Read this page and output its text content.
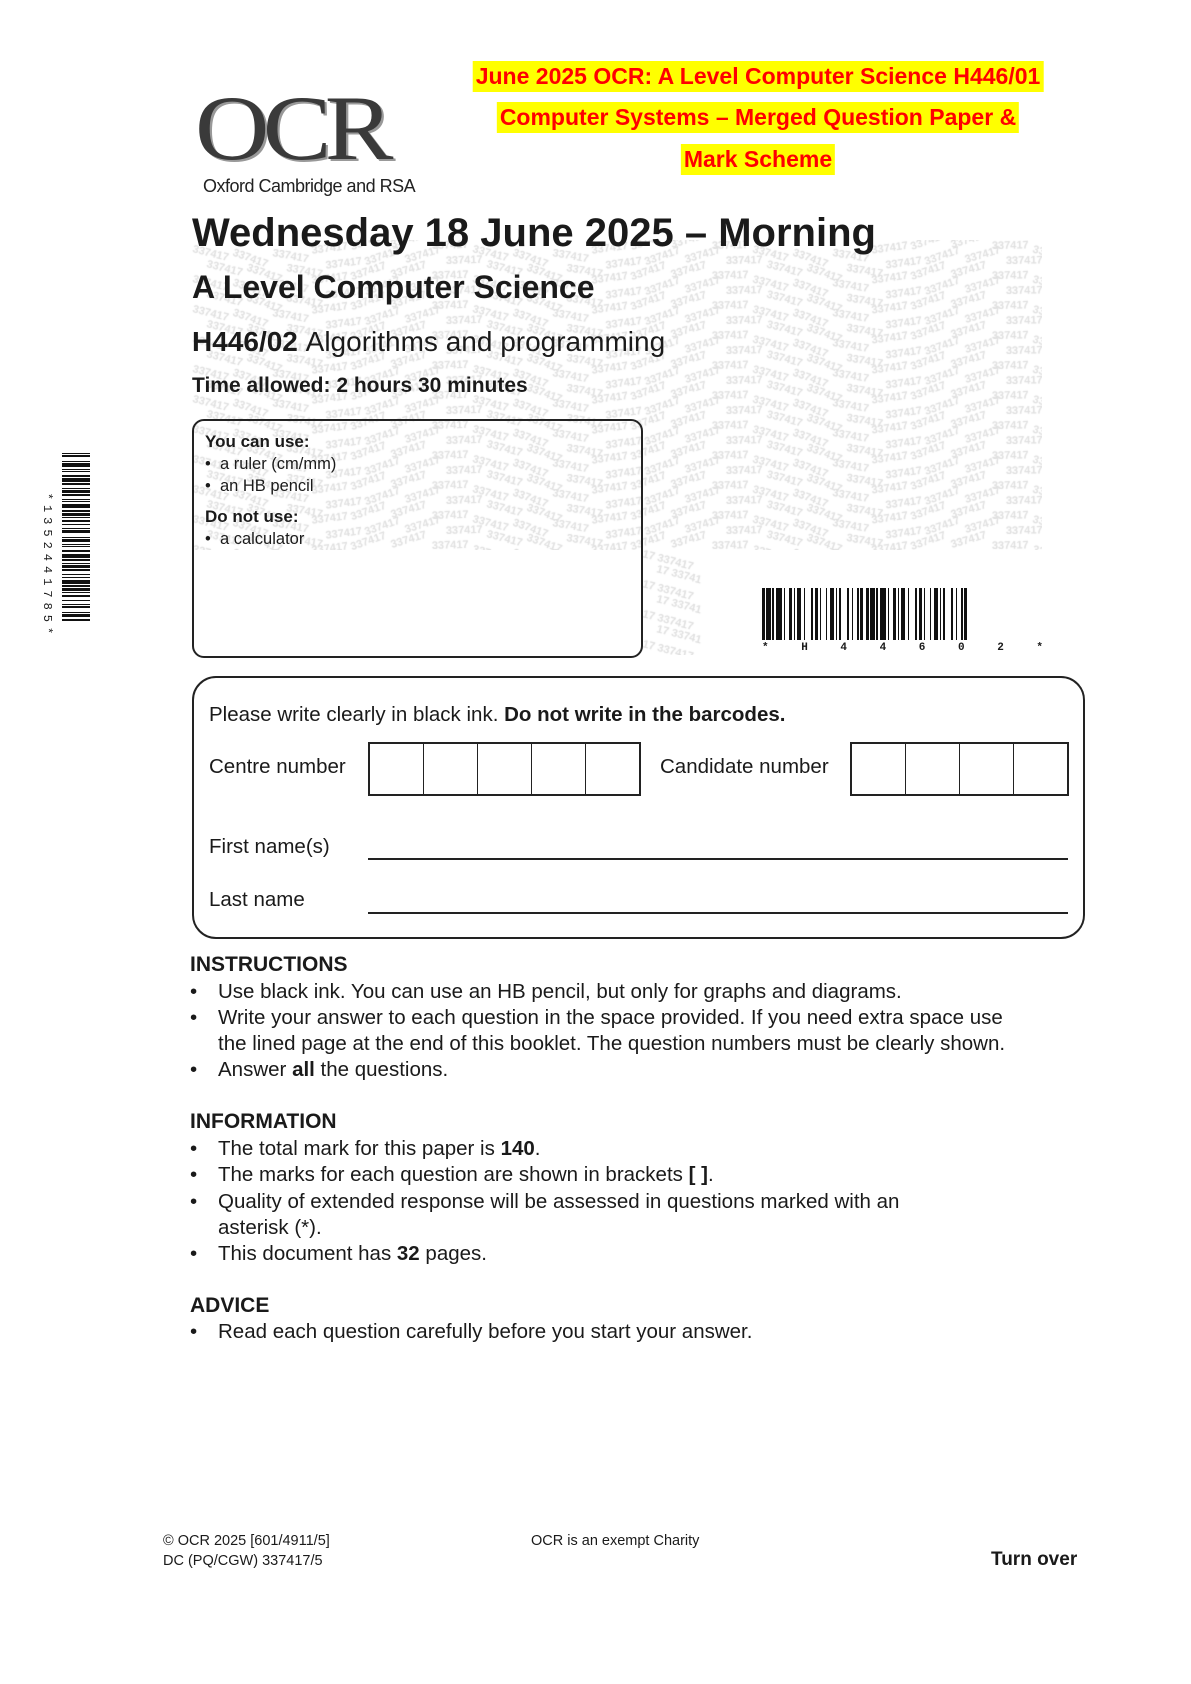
June 2025 OCR: A Level Computer Science H446/01
Computer Systems – Merged Question Paper &
Mark Scheme
OCR
Oxford Cambridge and RSA
Wednesday 18 June 2025 – Morning
A Level Computer Science
H446/02 Algorithms and programming
Time allowed: 2 hours 30 minutes
You can use:
•  a ruler (cm/mm)
•  an HB pencil
Do not use:
•  a calculator
*1352441785*
* H 4 4 6 0 2 *
Please write clearly in black ink. Do not write in the barcodes.
Centre number	Candidate number
First name(s)
Last name
INSTRUCTIONS
• Use black ink. You can use an HB pencil, but only for graphs and diagrams.
• Write your answer to each question in the space provided. If you need extra space use
the lined page at the end of this booklet. The question numbers must be clearly shown.
• Answer all the questions.
INFORMATION
• The total mark for this paper is 140.
• The marks for each question are shown in brackets [ ].
• Quality of extended response will be assessed in questions marked with an
asterisk (*).
• This document has 32 pages.
ADVICE
• Read each question carefully before you start your answer.
© OCR 2025 [601/4911/5]
DC (PQ/CGW) 337417/5
OCR is an exempt Charity
Turn over
